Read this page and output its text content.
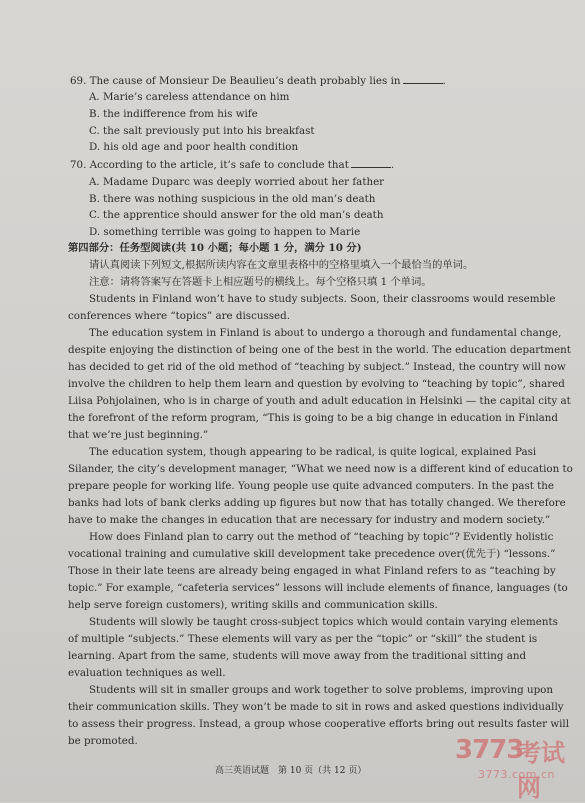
69. The cause of Monsieur De Beaulieu’s death probably lies in	.
A. Marie’s careless attendance on him
B. the indifference from his wife
C. the salt previously put into his breakfast
D. his old age and poor health condition
70. According to the article, it’s safe to conclude that	.
A. Madame Duparc was deeply worried about her father
B. there was nothing suspicious in the old man’s death
C. the apprentice should answer for the old man’s death
D. something terrible was going to happen to Marie
第四部分：任务型阅读(共 10 小题；每小题 1 分，满分 10 分)
请认真阅读下列短文,根据所读内容在文章里表格中的空格里填入一个最恰当的单词。
注意：请将答案写在答题卡上相应题号的横线上。每个空格只填 1 个单词。
Students in Finland won’t have to study subjects. Soon, their classrooms would resemble
conferences where “topics” are discussed.
The education system in Finland is about to undergo a thorough and fundamental change,
despite enjoying the distinction of being one of the best in the world. The education department
has decided to get rid of the old method of “teaching by subject.” Instead, the country will now
involve the children to help them learn and question by evolving to “teaching by topic”, shared
Liisa Pohjolainen, who is in charge of youth and adult education in Helsinki — the capital city at
the forefront of the reform program, “This is going to be a big change in education in Finland
that we’re just beginning.”
The education system, though appearing to be radical, is quite logical, explained Pasi
Silander, the city’s development manager, “What we need now is a different kind of education to
prepare people for working life. Young people use quite advanced computers. In the past the
banks had lots of bank clerks adding up figures but now that has totally changed. We therefore
have to make the changes in education that are necessary for industry and modern society.”
How does Finland plan to carry out the method of “teaching by topic”? Evidently holistic
vocational training and cumulative skill development take precedence over(优先于) “lessons.”
Those in their late teens are already being engaged in what Finland refers to as “teaching by
topic.” For example, “cafeteria services” lessons will include elements of finance, languages (to
help serve foreign customers), writing skills and communication skills.
Students will slowly be taught cross-subject topics which would contain varying elements
of multiple “subjects.” These elements will vary as per the “topic” or “skill” the student is
learning. Apart from the same, students will move away from the traditional sitting and
evaluation techniques as well.
Students will sit in smaller groups and work together to solve problems, improving upon
their communication skills. They won’t be made to sit in rows and asked questions individually
to assess their progress. Instead, a group whose cooperative efforts bring out results faster will
be promoted.
高三英语试题　第 10 页（共 12 页）
3773
考试网
3773.com.cn
